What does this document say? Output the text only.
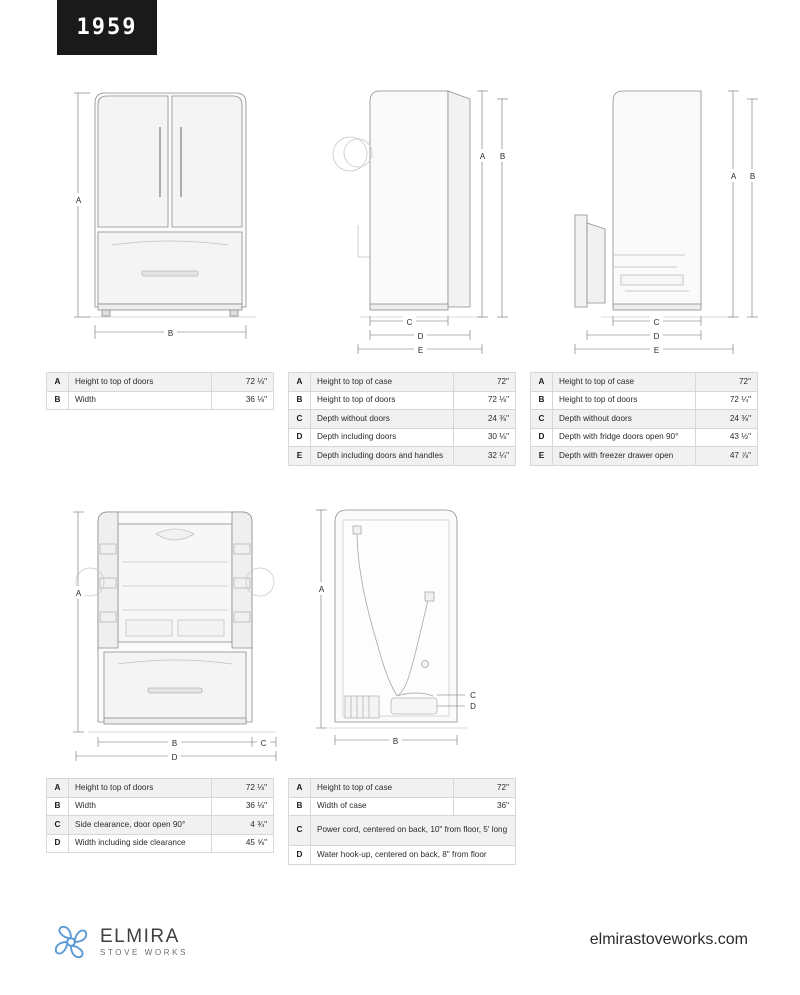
1959
A
B
A B
C
D
E
A B
C
D
E
A	Height to top of doors	72 ⅛"
B	Width	36 ⅛"
A	Height to top of case	72"
B	Height to top of doors	72 ⅛"
C	Depth without doors	24 ⅜"
D	Depth including doors	30 ⅛"
E	Depth including doors and handles	32 ¼"
A	Height to top of case	72"
B	Height to top of doors	72 ¼"
C	Depth without doors	24 ⅜"
D	Depth with fridge doors open 90°	43 ½"
E	Depth with freezer drawer open	47 ⅞"
A
B	C
D
A
B
C
D
A	Height to top of doors	72 ⅛"
B	Width	36 ⅛"
C	Side clearance, door open 90°	4 ¾"
D	Width including side clearance	45 ⅝"
A	Height to top of case	72"
B	Width of case	36"
C	Power cord, centered on back, 10" from floor, 5' long	
D	Water hook-up, centered on back, 8" from floor	
ELMIRA
STOVE WORKS
elmirastoveworks.com
